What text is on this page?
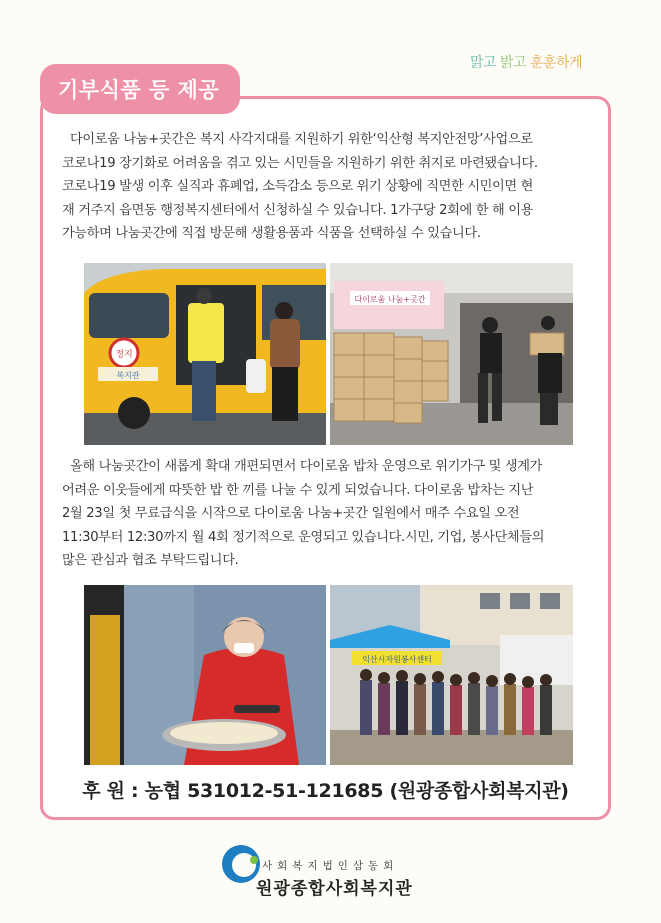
맑고 밝고 훈훈하게
기부식품 등 제공

다이로움 나눔+곳간은 복지 사각지대를 지원하기 위한‘익산형 복지안전망’사업으로
코로나19 장기화로 어려움을 겪고 있는 시민들을 지원하기 위한 취지로 마련됐습니다.
코로나19 발생 이후 실직과 휴폐업, 소득감소 등으로 위기 상황에 직면한 시민이면 현
재 거주지 읍면동 행정복지센터에서 신청하실 수 있습니다. 1가구당 2회에 한 해 이용
가능하며 나눔곳간에 직접 방문해 생활용품과 식품을 선택하실 수 있습니다.

정지
복지관
다이로움 나눔+곳간

올해 나눔곳간이 새롭게 확대 개편되면서 다이로움 밥차 운영으로 위기가구 및 생계가
어려운 이웃들에게 따뜻한 밥 한 끼를 나눌 수 있게 되었습니다. 다이로움 밥차는 지난
2월 23일 첫 무료급식을 시작으로 다이로움 나눔+곳간 일원에서 매주 수요일 오전
11:30부터 12:30까지 월 4회 정기적으로 운영되고 있습니다.시민, 기업, 봉사단체들의
많은 관심과 협조 부탁드립니다.

익산시자원봉사센터
후 원 : 농협 531012-51-121685 (원광종합사회복지관)
사회복지법인삼동회
원광종합사회복지관
